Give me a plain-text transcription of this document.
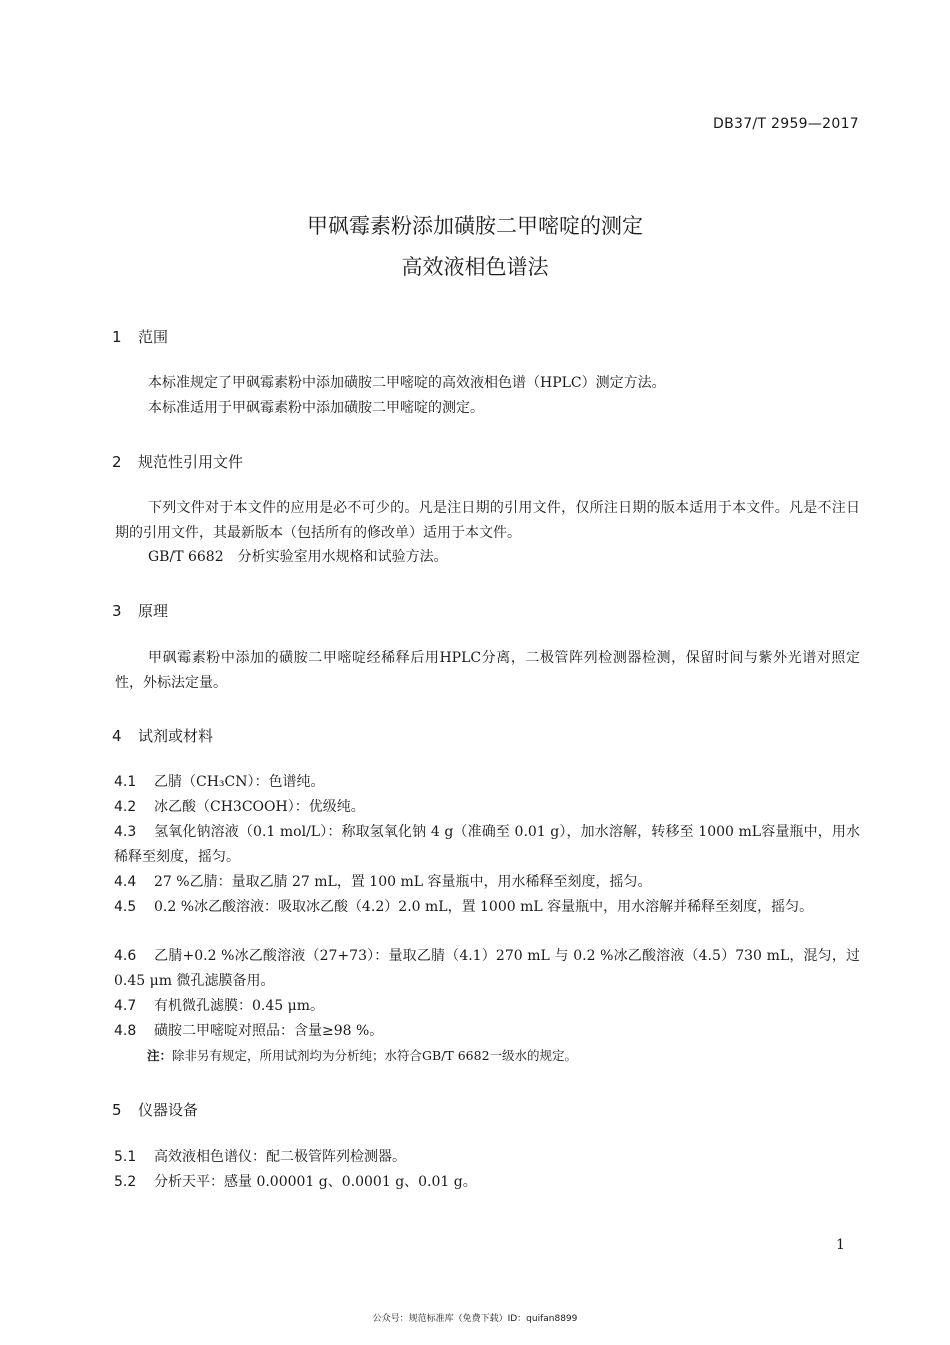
DB37/T 2959—2017
甲砜霉素粉添加磺胺二甲嘧啶的测定
高效液相色谱法
1 范围
本标准规定了甲砜霉素粉中添加磺胺二甲嘧啶的高效液相色谱（HPLC）测定方法。
本标准适用于甲砜霉素粉中添加磺胺二甲嘧啶的测定。
2 规范性引用文件
下列文件对于本文件的应用是必不可少的。凡是注日期的引用文件，仅所注日期的版本适用于本文件。凡是不注日期的引用文件，其最新版本（包括所有的修改单）适用于本文件。
GB/T 6682　分析实验室用水规格和试验方法。
3 原理
甲砜霉素粉中添加的磺胺二甲嘧啶经稀释后用HPLC分离，二极管阵列检测器检测，保留时间与紫外光谱对照定性，外标法定量。
4 试剂或材料
4.1 乙腈（CH₃CN）：色谱纯。
4.2 冰乙酸（CH3COOH）：优级纯。
4.3 氢氧化钠溶液（0.1 mol/L）：称取氢氧化钠 4 g（准确至 0.01 g），加水溶解，转移至 1000 mL容量瓶中，用水稀释至刻度，摇匀。
4.4 27 %乙腈：量取乙腈 27 mL，置 100 mL 容量瓶中，用水稀释至刻度，摇匀。
4.5 0.2 %冰乙酸溶液：吸取冰乙酸（4.2）2.0 mL，置 1000 mL 容量瓶中，用水溶解并稀释至刻度，摇匀。
4.6 乙腈+0.2 %冰乙酸溶液（27+73）：量取乙腈（4.1）270 mL 与 0.2 %冰乙酸溶液（4.5）730 mL，混匀，过 0.45 μm 微孔滤膜备用。
4.7 有机微孔滤膜：0.45 μm。
4.8 磺胺二甲嘧啶对照品：含量≥98 %。
注：除非另有规定，所用试剂均为分析纯；水符合GB/T 6682一级水的规定。
5 仪器设备
5.1 高效液相色谱仪：配二极管阵列检测器。
5.2 分析天平：感量 0.00001 g、0.0001 g、0.01 g。
1
公众号：规范标准库（免费下载）ID：quifan8899
